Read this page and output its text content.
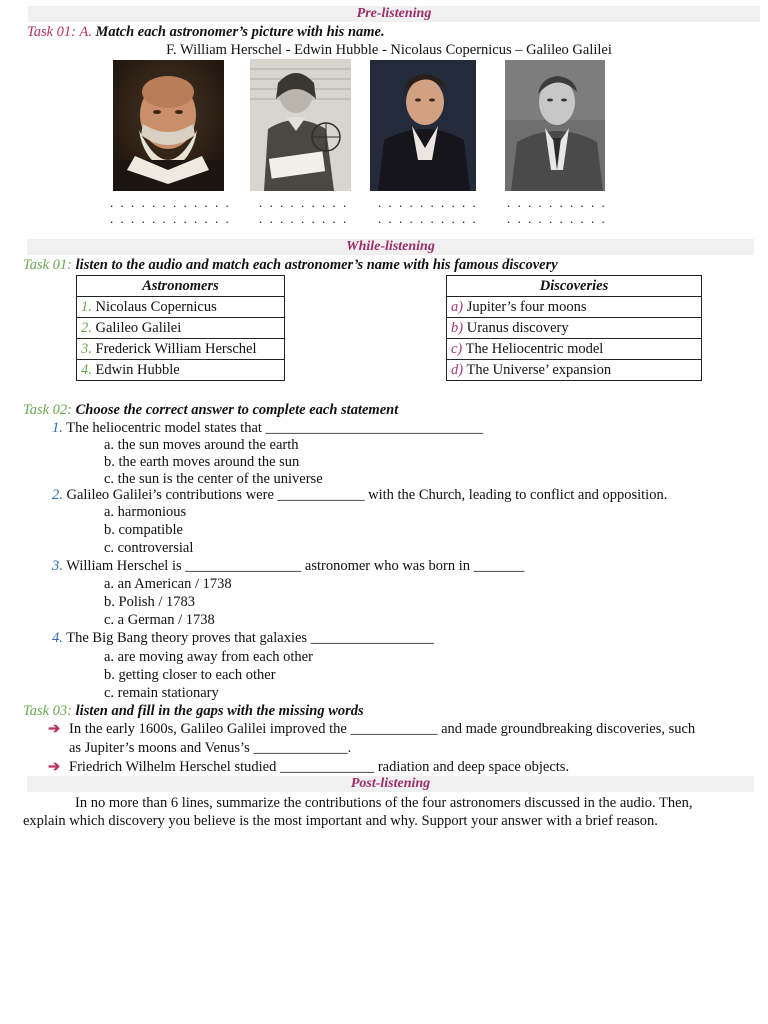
Pre-listening
Task 01: A. Match each astronomer’s picture with his name.
F. William Herschel - Edwin Hubble - Nicolaus Copernicus – Galileo Galilei
. . . . . . . . . . . .
. . . . . . . . . . . .
. . . . . . . . .
. . . . . . . . .
. . . . . . . . . .
. . . . . . . . . .
. . . . . . . . . .
. . . . . . . . . .
While-listening
Task 01: listen to the audio and match each astronomer’s name with his famous discovery
Astronomers
1. Nicolaus Copernicus
2. Galileo Galilei
3. Frederick William Herschel
4. Edwin Hubble
Discoveries
a) Jupiter’s four moons
b) Uranus discovery
c) The Heliocentric model
d) The Universe’ expansion
Task 02: Choose the correct answer to complete each statement
1. The heliocentric model states that ______________________________
a. the sun moves around the earth
b. the earth moves around the sun
c. the sun is the center of the universe
2. Galileo Galilei’s contributions were ____________ with the Church, leading to conflict and opposition.
a. harmonious
b. compatible
c. controversial
3. William Herschel is ________________ astronomer who was born in _______
a. an American / 1738
b. Polish / 1783
c. a German / 1738
4. The Big Bang theory proves that galaxies _________________
a. are moving away from each other
b. getting closer to each other
c. remain stationary
Task 03: listen and fill in the gaps with the missing words
➔ In the early 1600s, Galileo Galilei improved the ____________ and made groundbreaking discoveries, such
as Jupiter’s moons and Venus’s _____________.
➔ Friedrich Wilhelm Herschel studied _____________ radiation and deep space objects.
Post-listening
In no more than 6 lines, summarize the contributions of the four astronomers discussed in the audio. Then,
explain which discovery you believe is the most important and why. Support your answer with a brief reason.
